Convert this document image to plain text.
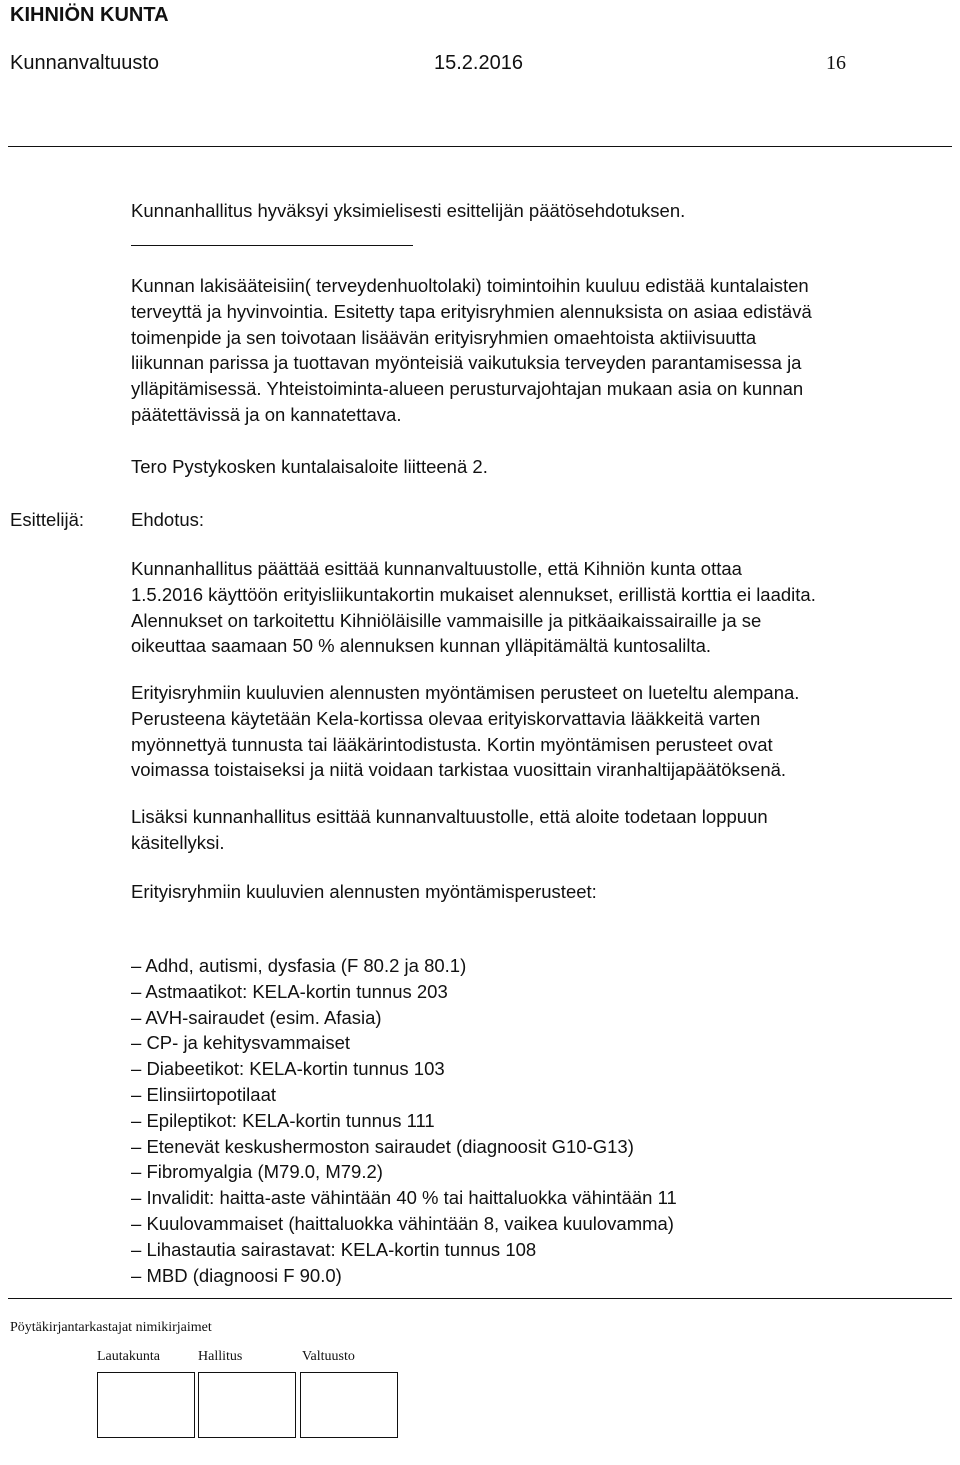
KIHNIÖN KUNTA
Kunnanvaltuusto	15.2.2016	16
Kunnanhallitus hyväksyi yksimielisesti esittelijän päätösehdotuksen.
Kunnan lakisääteisiin( terveydenhuoltolaki) toimintoihin kuuluu edistää kuntalaisten
terveyttä ja hyvinvointia. Esitetty tapa erityisryhmien alennuksista on asiaa edistävä
toimenpide ja sen toivotaan lisäävän erityisryhmien omaehtoista aktiivisuutta
liikunnan parissa ja tuottavan myönteisiä vaikutuksia terveyden parantamisessa ja
ylläpitämisessä. Yhteistoiminta-alueen perusturvajohtajan mukaan asia on kunnan
päätettävissä ja on kannatettava.
Tero Pystykosken kuntalaisaloite liitteenä 2.
Esittelijä:	Ehdotus:
Kunnanhallitus päättää esittää kunnanvaltuustolle, että Kihniön kunta ottaa
1.5.2016 käyttöön erityisliikuntakortin mukaiset alennukset, erillistä korttia ei laadita.
Alennukset on tarkoitettu Kihniöläisille vammaisille ja pitkäaikaissairaille ja se
oikeuttaa saamaan 50 % alennuksen kunnan ylläpitämältä kuntosalilta.
Erityisryhmiin kuuluvien alennusten myöntämisen perusteet on lueteltu alempana.
Perusteena käytetään Kela-kortissa olevaa erityiskorvattavia lääkkeitä varten
myönnettyä tunnusta tai lääkärintodistusta. Kortin myöntämisen perusteet ovat
voimassa toistaiseksi ja niitä voidaan tarkistaa vuosittain viranhaltijapäätöksenä.
Lisäksi kunnanhallitus esittää kunnanvaltuustolle, että aloite todetaan loppuun
käsitellyksi.
Erityisryhmiin kuuluvien alennusten myöntämisperusteet:
– Adhd, autismi, dysfasia (F 80.2 ja 80.1)
– Astmaatikot: KELA-kortin tunnus 203
– AVH-sairaudet (esim. Afasia)
– CP- ja kehitysvammaiset
– Diabeetikot: KELA-kortin tunnus 103
– Elinsiirtopotilaat
– Epileptikot: KELA-kortin tunnus 111
– Etenevät keskushermoston sairaudet (diagnoosit G10-G13)
– Fibromyalgia (M79.0, M79.2)
– Invalidit: haitta-aste vähintään 40 % tai haittaluokka vähintään 11
– Kuulovammaiset (haittaluokka vähintään 8, vaikea kuulovamma)
– Lihastautia sairastavat: KELA-kortin tunnus 108
– MBD (diagnoosi F 90.0)
Pöytäkirjantarkastajat nimikirjaimet
Lautakunta	Hallitus	Valtuusto
